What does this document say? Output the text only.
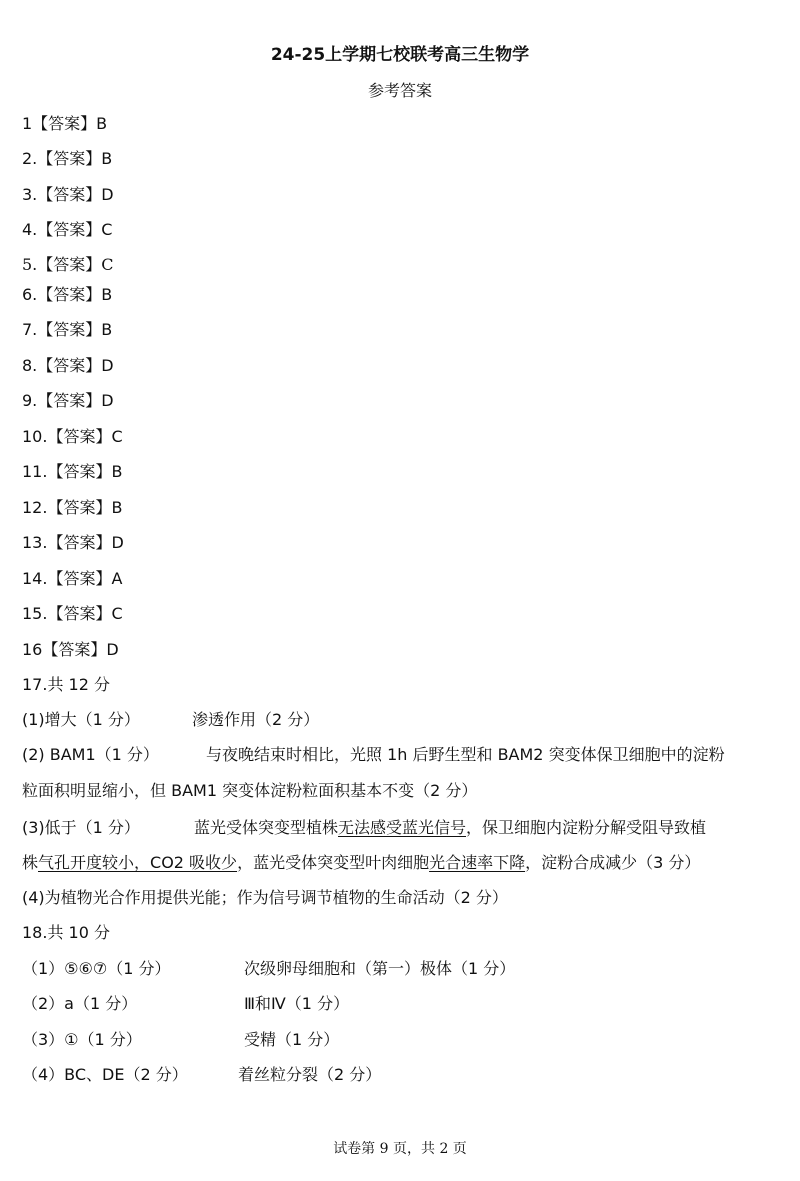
24-25上学期七校联考高三生物学
参考答案
1【答案】B
2.【答案】B
3.【答案】D
4.【答案】C
5.【答案】C
6.【答案】B
7.【答案】B
8.【答案】D
9.【答案】D
10.【答案】C
11.【答案】B
12.【答案】B
13.【答案】D
14.【答案】A
15.【答案】C
16【答案】D
17.共 12 分
(1)增大（1 分）	渗透作用（2 分）
(2) BAM1（1 分）	与夜晚结束时相比，光照 1h 后野生型和 BAM2 突变体保卫细胞中的淀粉
粒面积明显缩小，但 BAM1 突变体淀粉粒面积基本不变（2 分）
(3)低于（1 分）	蓝光受体突变型植株无法感受蓝光信号，保卫细胞内淀粉分解受阻导致植
株气孔开度较小，CO2 吸收少，蓝光受体突变型叶肉细胞光合速率下降，淀粉合成减少（3 分）
(4)为植物光合作用提供光能；作为信号调节植物的生命活动（2 分）
18.共 10 分
（1）⑤⑥⑦（1 分）	次级卵母细胞和（第一）极体（1 分）
（2）a（1 分）	Ⅲ和Ⅳ（1 分）
（3）①（1 分）	受精（1 分）
（4）BC、DE（2 分）	着丝粒分裂（2 分）
试卷第 9 页，共 2 页
